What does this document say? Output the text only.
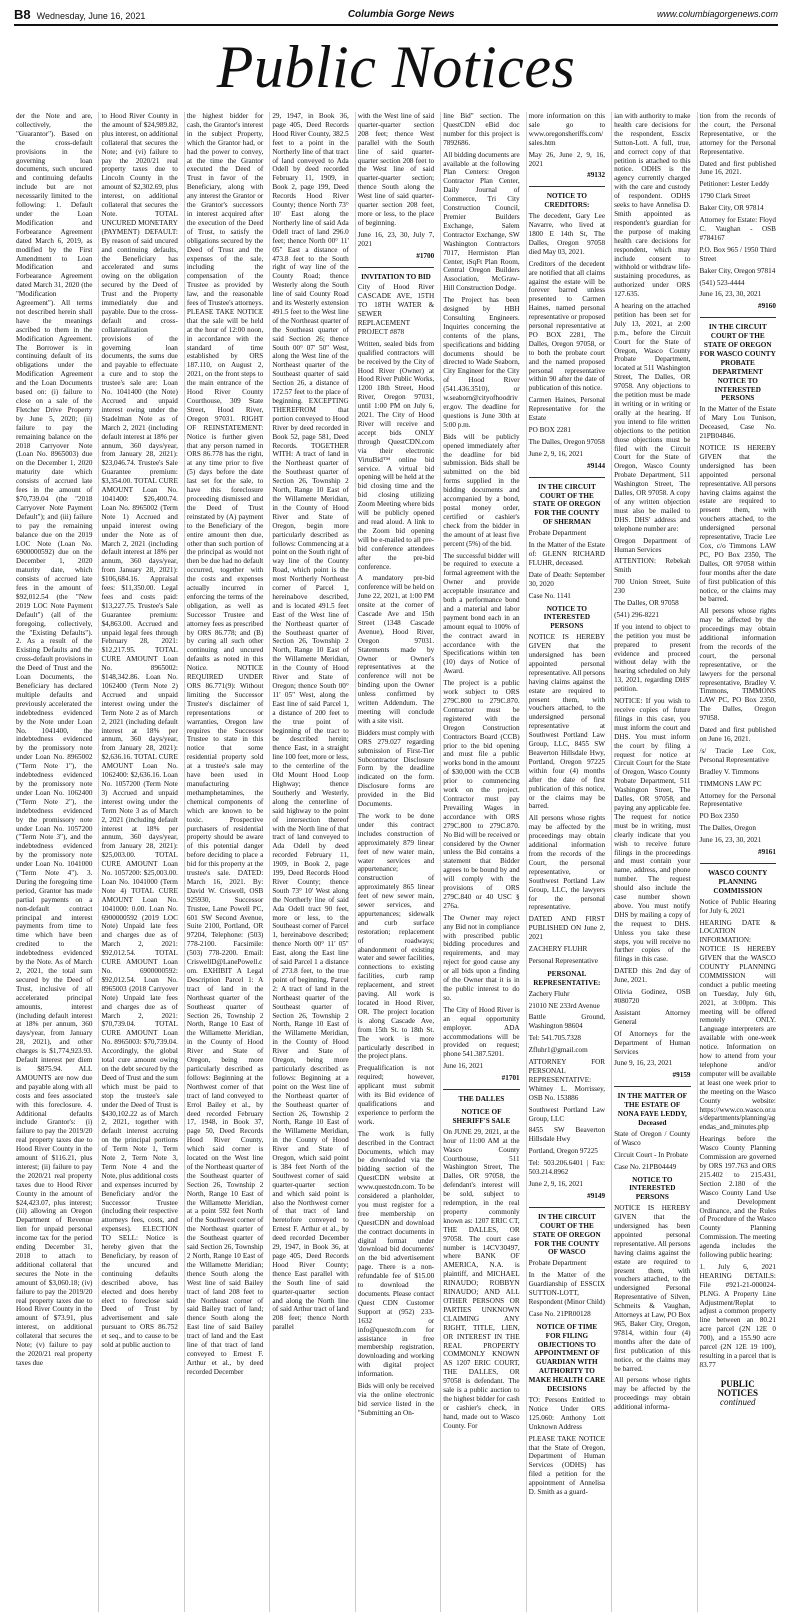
B8 Wednesday, June 16, 2021	Columbia Gorge News	www.columbiagorgenews.com
Public Notices

der the Note and are, collectively, the "Guarantor"). Based on the cross-default provisions in the governing loan documents, such uncured and continuing defaults include but are not necessarily limited to the following: 1. Default under the Loan Modification and Forbearance Agreement dated March 6, 2019, as modified by the First Amendment to Loan Modification and Forbearance Agreement dated March 31, 2020 (the "Modification Agreement"). All terms not described herein shall have the meanings ascribed to them in the Modification Agreement. The Borrower is in continuing default of its obligations under the Modification Agreement and the Loan Documents based on: (i) failure to close on a sale of the Fletcher Drive Property by June 5, 2020; (ii) failure to pay the remaining balance on the 2018 Carryover Note (Loan No. 8965003) due on the December 1, 2020 maturity date which consists of accrued late fees in the amount of $70,739.04 (the "2018 Carryover Note Payment Default"); and (iii) failure to pay the remaining balance due on the 2019 LOC Note (Loan No. 6900000592) due on the December 1, 2020 maturity date, which consists of accrued late fees in the amount of $92,012.54 (the "New 2019 LOC Note Payment Default") (all of the foregoing, collectively, the "Existing Defaults"). 2. As a result of the Existing Defaults and the cross-default provisions in the Deed of Trust and the Loan Documents, the Beneficiary has declared multiple defaults and previously accelerated the indebtedness evidenced by the Note under Loan No. 1041400, the indebtedness evidenced by the promissory note under Loan No. 8965002 ("Term Note 1"), the indebtedness evidenced by the promissory note under Loan No. 1062400 ("Term Note 2"), the indebtedness evidenced by the promissory note under Loan No. 1057200 ("Term Note 3"), and the indebtedness evidenced by the promissory note under Loan No. 1041000 ("Term Note 4"). 3. During the foregoing time period, Grantor has made partial payments on a non-default contract principal and interest payments from time to time which have been credited to the indebtedness evidenced by the Note. As of March 2, 2021, the total sum secured by the Deed of Trust, inclusive of all accelerated principal amounts, interest (including default interest at 18% per annum, 360 days/year, from January 28, 2021), and other charges is $1,774,923.93. Default interest per diem is $875.94. ALL AMOUNTS are now due and payable along with all costs and fees associated with this foreclosure. 4. Additional defaults include Grantor's: (i) failure to pay the 2019/20 real property taxes due to Hood River County in the amount of $116.21, plus interest; (ii) failure to pay the 2020/21 real property taxes due to Hood River County in the amount of $24,423.07, plus interest; (iii) allowing an Oregon Department of Revenue lien for unpaid personal income tax for the period ending December 31, 2018 to attach to additional collateral that secures the Note in the amount of $3,060.18; (iv) failure to pay the 2019/20 real property taxes due to Hood River County in the amount of $73.91, plus interest, on additional collateral that secures the Note; (v) failure to pay the 2020/21 real property taxes due

to Hood River County in the amount of $24,989.82, plus interest, on additional collateral that secures the Note; and (vi) failure to pay the 2020/21 real property taxes due to Lincoln County in the amount of $2,302.69, plus interest, on additional collateral that secures the Note. TOTAL UNCURED MONETARY (PAYMENT) DEFAULT: By reason of said uncured and continuing defaults, the Beneficiary has accelerated and sums owing on the obligation secured by the Deed of Trust and the Property immediately due and payable. Due to the cross-default and cross-collateralization provisions of the governing loan documents, the sums due and payable to effectuate a cure and to stop the trustee's sale are: Loan No. 1041400 (the Note) Accrued and unpaid interest owing under the Stadelman Note as of March 2, 2021 (including default interest at 18% per annum, 360 days/year, from January 28, 2021): $23,046.74. Trustee's Sale Guarantee premium: $3,354.00. TOTAL CURE AMOUNT Loan No. 1041400: $26,400.74. Loan No. 8965002 (Term Note 1) Accrued and unpaid interest owing under the Note as of March 2, 2021 (including default interest at 18% per annum, 360 days/year, from January 28, 2021): $106,684.16. Appraisal fees: $11,350.00. Legal fees and costs paid: $13,227.75. Trustee's Sale Guarantee premium: $4,863.00. Accrued and unpaid legal fees through February 28, 2021: $12,217.95. TOTAL CURE AMOUNT Loan No. 8965002: $148,342.86. Loan No. 1062400 (Term Note 2) Accrued and unpaid interest owing under the Term Note 2 as of March 2, 2021 (including default interest at 18% per annum, 360 days/year, from January 28, 2021): $2,636.16. TOTAL CURE AMOUNT Loan No. 1062400: $2,636.16. Loan No. 1057200 (Term Note 3) Accrued and unpaid interest owing under the Term Note 3 as of March 2, 2021 (including default interest at 18% per annum, 360 days/year, from January 28, 2021): $25,003.00. TOTAL CURE AMOUNT Loan No. 1057200: $25,003.00. Loan No. 1041000 (Term Note 4) TOTAL CURE AMOUNT Loan No. 1041000: 0.00. Loan No. 6900000592 (2019 LOC Note) Unpaid late fees and charges due as of March 2, 2021: $92,012.54. TOTAL CURE AMOUNT Loan No. 6900000592: $92,012.54. Loan No. 8965003 (2018 Carryover Note) Unpaid late fees and charges due as of March 2, 2021: $70,739.04. TOTAL CURE AMOUNT Loan No. 8965003: $70,739.04. Accordingly, the global total cure amount owing on the debt secured by the Deed of Trust and the sum which must be paid to stop the trustee's sale under the Deed of Trust is $430,102.22 as of March 2, 2021, together with default interest accruing on the principal portions of Term Note 1, Term Note 2, Term Note 3, Term Note 4 and the Note, plus additional costs and expenses incurred by Beneficiary and/or the Successor Trustee (including their respective attorneys fees, costs, and expenses). ELECTION TO SELL: Notice is hereby given that the Beneficiary, by reason of the uncured and continuing defaults described above, has elected and does hereby elect to foreclose said Deed of Trust by advertisement and sale pursuant to ORS 86.752 et seq., and to cause to be sold at public auction to

the highest bidder for cash, the Grantor's interest in the subject Property, which the Grantor had, or had the power to convey, at the time the Grantor executed the Deed of Trust in favor of the Beneficiary, along with any interest the Grantor or the Grantor's successors in interest acquired after the execution of the Deed of Trust, to satisfy the obligations secured by the Deed of Trust and the expenses of the sale, including the compensation of the Trustee as provided by law, and the reasonable fees of Trustee's attorneys. PLEASE TAKE NOTICE that the sale will be held at the hour of 12:00 noon, in accordance with the standard of time established by ORS 187.110, on August 2, 2021, on the front steps to the main entrance of the Hood River County Courthouse, 309 State Street, Hood River, Oregon 97031. RIGHT OF REINSTATEMENT: Notice is further given that any person named in ORS 86.778 has the right, at any time prior to five (5) days before the date last set for the sale, to have this foreclosure proceeding dismissed and the Deed of Trust reinstated by (A) payment to the Beneficiary of the entire amount then due, other than such portion of the principal as would not then be due had no default occurred, together with the costs and expenses actually incurred in enforcing the terms of the obligation, as well as Successor Trustee and attorney fees as prescribed by ORS 86.778; and (B) by curing all such other continuing and uncured defaults as noted in this Notice. NOTICE REQUIRED UNDER ORS 86.771(9): Without limiting the Successor Trustee's disclaimer of representations or warranties, Oregon law requires the Successor Trustee to state in this notice that some residential property sold at a trustee's sale may have been used in manufacturing methamphetamines, the chemical components of which are known to be toxic. Prospective purchasers of residential property should be aware of this potential danger before deciding to place a bid for this property at the trustee's sale. DATED: March 16, 2021. By: David W. Criswell, OSB 925930, Successor Trustee, Lane Powell PC, 601 SW Second Avenue, Suite 2100, Portland, OR 97204, Telephone: (503) 778-2100. Facsimile: (503) 778-2200. Email: CriswellD@LanePowell.com. EXHIBIT A Legal Description Parcel 1: A tract of land in the Northeast quarter of the Southeast quarter of Section 26, Township 2 North, Range 10 East of the Willamette Meridian, in the County of Hood River and State of Oregon, being more particularly described as follows: Beginning at the Northwest corner of that tract of land conveyed to Errol Bailey et al., by deed recorded February 17, 1948, in Book 37, page 50, Deed Records Hood River County, which said corner is located on the West line of the Northeast quarter of the Southeast quarter of Section 26, Township 2 North, Range 10 East of the Willamette Meridian, at a point 592 feet North of the Southwest corner of the Northeast quarter of the Southeast quarter of said Section 26, Township 2 North, Range 10 East of the Willamette Meridian; thence South along the West line of said Bailey tract of land 208 feet to the Northeast corner of said Bailey tract of land; thence South along the East line of said Bailey tract of land and the East line of that tract of land conveyed to Ernest F. Arthur et al., by deed recorded December

29, 1947, in Book 36, page 405, Deed Records Hood River County, 382.5 feet to a point in the Northerly line of that tract of land conveyed to Ada Odell by deed recorded February 11, 1909, in Book 2, page 199, Deed Records Hood River County; thence North 73° 10' East along the Northerly line of said Ada Odell tract of land 296.0 feet; thence North 00° 11' 05" East a distance of 473.8 feet to the South right of way line of the County Road; thence Westerly along the South line of said County Road and its Westerly extension 491.5 feet to the West line of the Northeast quarter of the Southeast quarter of said Section 26; thence South 00° 07' 50" West, along the West line of the Northeast quarter of the Southeast quarter of said Section 26, a distance of 172.57 feet to the place of beginning. EXCEPTING THEREFROM that portion conveyed to Hood River by deed recorded in Book 52, page 581, Deed Records. TOGETHER WITH: A tract of land in the Northeast quarter of the Southeast quarter of Section 26, Township 2 North, Range 10 East of the Willamette Meridian, in the County of Hood River and State of Oregon, begin more particularly described as follows: Commencing at a point on the South right of way line of the County Road, which point is the most Northerly Northeast corner of Parcel 1, hereinabove described, and is located 491.5 feet East of the West line of the Northeast quarter of the Southeast quarter of Section 26, Township 2 North, Range 10 East of the Willamette Meridian, in the County of Hood River and State of Oregon; thence South 00° 11' 05" West, along the East line of said Parcel 1, a distance of 200 feet to the true point of beginning of the tract to be described herein; thence East, in a straight line 100 feet, more or less, to the centerline of the Old Mount Hood Loop Highway; thence Southerly and Westerly, along the centerline of said highway to the point of intersection thereof with the North line of that tract of land conveyed to Ada Odell by deed recorded February 11, 1909, in Book 2, page 199, Deed Records Hood River County; thence South 73° 10' West along the Northerly line of said Ada Odell tract 90 feet, more or less, to the Southeast corner of Parcel 1, hereinabove described; thence North 00° 11' 05" East, along the East line of said Parcel 1 a distance of 273.8 feet, to the true point of beginning. Parcel 2: A tract of land in the Northeast quarter of the Southeast quarter of Section 26, Township 2 North, Range 10 East of the Willamette Meridian, in the County of Hood River and State of Oregon, being more particularly described as follows: Beginning at a point on the West line of the Northeast quarter of the Southeast quarter of Section 26, Township 2 North, Range 10 East of the Willamette Meridian, in the County of Hood River and State of Oregon, which said point is 384 feet North of the Southwest corner of said quarter-quarter section and which said point is also the Northwest corner of that tract of land heretofore conveyed to Ernest F. Arthur et al., by deed recorded December 29, 1947, in Book 36, at page 405, Deed Records Hood River County; thence East parallel with the South line of said quarter-quarter section and along the North line of said Arthur tract of land 208 feet; thence North parallel

with the West line of said quarter-quarter section 208 feet; thence West parallel with the South line of said quarter-quarter section 208 feet to the West line of said quarter-quarter section; thence South along the West line of said quarter-quarter section 208 feet, more or less, to the place of beginning.

June 16, 23, 30, July 7, 2021

#1700

INVITATION TO BID

City of Hood River CASCADE AVE, 15TH TO 18TH WATER & SEWER REPLACEMENT PROJECT #878

Written, sealed bids from qualified contractors will be received by the City of Hood River (Owner) at Hood River Public Works, 1200 18th Street, Hood River, Oregon 97031, until 1:00 PM on July 6, 2021. The City of Hood River will receive and accept bids ONLY through QuestCDN.com via their electronic VirtuBid™ online bid service. A virtual bid opening will be held at the bid closing time and the bid closing utilizing Zoom Meeting where bids will be publicly opened and read aloud. A link to the Zoom bid opening will be e-mailed to all pre-bid conference attendees after the pre-bid conference.

A mandatory pre-bid conference will be held on June 22, 2021, at 1:00 PM onsite at the corner of Cascade Ave and 15th Street (1348 Cascade Avenue), Hood River, Oregon 97031. Statements made by Owner or Owner's representatives at the conference will not be binding upon the Owner unless confirmed by written Addendum. The meeting will conclude with a site visit.

Bidders must comply with ORS 279.027 regarding submission of First-Tier Subcontractor Disclosure Form by the deadline indicated on the form. Disclosure forms are provided in the Bid Documents.

The work to be done under this contract includes construction of approximately 879 linear feet of new water main, water services and appurtenance; construction of approximately 865 linear feet of new sewer main, sewer services, and appurtenances; sidewalk and curb surface restoration; replacement of roadways; abandonment of existing water and sewer facilities, connections to existing facilities, curb ramp replacement, and street paving. All work is located in Hood River, OR. The project location is along Cascade Ave, from 15th St. to 18th St. The work is more particularly described in the project plans.

Prequalification is not required; however, applicant must submit with its Bid evidence of qualifications and experience to perform the work.

The work is fully described in the Contract Documents, which may be downloaded via the bidding section of the QuestCDN website at www.questcdn.com. To be considered a planholder, you must register for a free membership on QuestCDN and download the contract documents in digital format under 'download bid documents' on the bid advertisement page. There is a non-refundable fee of $15.00 to download the documents. Please contact Quest CDN Customer Support at (952) 233-1632 or info@questcdn.com for assistance in free membership registration, downloading and working with digital project information.

Bids will only be received via the online electronic bid service listed in the "Submitting an On-

line Bid" section. The QuestCDN eBid doc number for this project is 7892686.

All bidding documents are available at the following Plan Centers: Oregon Contractor Plan Center, Daily Journal of Commerce, Tri City Construction Council, Premier Builders Exchange, Salem Contractor Exchange, SW Washington Contractors 7017, Hermiston Plan Center, iSqFt Plan Room, Central Oregon Builders Association, McGraw-Hill Construction Dodge.

The Project has been designed by HBH Consulting Engineers. Inquiries concerning the contents of the plans, specifications and bidding documents should be directed to Wade Seaborn, City Engineer for the City of Hood River (541.436.3510), or w.seaborn@cityofhoodriver.gov. The deadline for questions is June 30th at 5:00 p.m.

Bids will be publicly opened immediately after the deadline for bid submission. Bids shall be submitted on the bid forms supplied in the bidding documents and accompanied by a bond, postal money order, certified or cashier's check from the bidder in the amount of at least five percent (5%) of the bid.

The successful bidder will be required to execute a formal agreement with the Owner and provide acceptable insurance and both a performance bond and a material and labor payment bond each in an amount equal to 100% of the contract award in accordance with the Specifications within ten (10) days of Notice of Award.

The project is a public work subject to ORS 279C.800 to 279C.870. Contractor must be registered with the Oregon Construction Contractors Board (CCB) prior to the bid opening and must file a public works bond in the amount of $30,000 with the CCB prior to commencing work on the project. Contractor must pay Prevailing Wages in accordance with ORS 279C.800 to 279C.870. No Bid will be received or considered by the Owner unless the Bid contains a statement that Bidder agrees to be bound by and will comply with the provisions of ORS 279C.840 or 40 USC § 276a.

The Owner may reject any Bid not in compliance with prescribed public bidding procedures and requirements, and may reject for good cause any or all bids upon a finding of the Owner that it is in the public interest to do so.

The City of Hood River is an equal opportunity employer. ADA accommodations will be provided on request; phone 541.387.5201.

June 16, 2021

#1701

THE DALLES

NOTICE OF SHERIFF'S SALE

On JUNE 29, 2021, at the hour of 11:00 AM at the Wasco County Courthouse, 511 Washington Street, The Dalles, OR 97058, the defendant's interest will be sold, subject to redemption, in the real property commonly known as: 1207 ERIC CT, THE DALLES, OR 97058. The court case number is 14CV30497, where BANK OF AMERICA, N.A. is plaintiff, and MICHAEL RINAUDO; ROBBYN RINAUDO; AND ALL OTHER PERSONS OR PARTIES UNKNOWN CLAIMING ANY RIGHT, TITLE, LIEN, OR INTEREST IN THE REAL PROPERTY COMMONLY KNOWN AS 1207 ERIC COURT, THE DALLES, OR 97058 is defendant. The sale is a public auction to the highest bidder for cash or cashier's check, in hand, made out to Wasco County. For

more information on this sale go to www.oregonsheriffs.com/sales.htm

May 26, June 2, 9, 16, 2021

#9132

NOTICE TO CREDITORS:

The decedent, Gary Lee Navarre, who lived at 1800 E 14th St, The Dalles, Oregon 97058 died May 03, 2021.

Creditors of the decedent are notified that all claims against the estate will be forever barred unless presented to Carmen Haines, named personal representative or proposed personal representative at PO BOX 2281, The Dalles, Oregon 97058, or to both the probate court and the named proposed personal representative within 90 after the date of publication of this notice.

Carmen Haines, Personal Representative for the Estate

PO BOX 2281

The Dalles, Oregon 97058

June 2, 9, 16, 2021

#9144

IN THE CIRCUIT COURT OF THE STATE OF OREGON FOR THE COUNTY OF SHERMAN

Probate Department

In the Matter of the Estate of: GLENN RICHARD FLUHR, deceased.

Date of Death: September 30, 2020

Case No. 1141

NOTICE TO INTERESTED PERSONS

NOTICE IS HEREBY GIVEN that the undersigned has been appointed personal representative. All persons having claims against the estate are required to present them, with vouchers attached, to the undersigned personal representative at Southwest Portland Law Group, LLC, 8455 SW Beaverton Hillsdale Hwy, Portland, Oregon 97225 within four (4) months after the date of first publication of this notice, or the claims may be barred.

All persons whose rights may be affected by the proceedings may obtain additional information from the records of the Court, the personal representative, or Southwest Portland Law Group, LLC, the lawyers for the personal representative.

DATED AND FIRST PUBLISHED ON June 2, 2021

ZACHERY FLUHR

Personal Representative

PERSONAL REPRESENTATIVE:

Zachery Fluhr

21010 NE 233rd Avenue

Battle Ground, Washington 98604

Tel: 541.705.7328

Zfluhr1@gmail.com

ATTORNEY FOR PERSONAL REPRESENTATIVE: Whitney L. Morrissey, OSB No. 153886

Southwest Portland Law Group, LLC

8455 SW Beaverton Hillsdale Hwy

Portland, Oregon 97225

Tel: 503.206.6401 | Fax: 503.214.8962

June 2, 9, 16, 2021

#9149

IN THE CIRCUIT COURT OF THE STATE OF OREGON FOR THE COUNTY OF WASCO

Probate Department

In the Matter of the Guardianship of ESSCIX SUTTON-LOTT, Respondent (Minor Child)

Case No. 21PR00128

NOTICE OF TIME FOR FILING OBJECTIONS TO APPOINTMENT OF GUARDIAN WITH AUTHORITY TO MAKE HEALTH CARE DECISIONS

TO: Persons Entitled to Notice Under ORS 125.060: Anthony Lott Unknown Address

PLEASE TAKE NOTICE that the State of Oregon, Department of Human Services (ODHS) has filed a petition for the appointment of Annelisa D. Smith as a guard-

ian with authority to make health care decisions for the respondent, Esscix Sutton-Lott. A full, true, and correct copy of that petition is attached to this notice. ODHS is the agency currently charged with the care and custody of respondent. ODHS seeks to have Annelisa D. Smith appointed as respondent's guardian for the purpose of making health care decisions for respondent, which may include consent to withhold or withdraw life-sustaining procedures, as authorized under ORS 127.635.

A hearing on the attached petition has been set for July 13, 2021, at 2:00 p.m., before the Circuit Court for the State of Oregon, Wasco County Probate Department, located at 511 Washington Street, The Dalles, OR 97058. Any objections to the petition must be made in writing or in writing or orally at the hearing. If you intend to file written objections to the petition those objections must be filed with the Circuit Court for the State of Oregon, Wasco County Probate Department, 511 Washington Street, The Dalles, OR 97058. A copy of any written objection must also be mailed to DHS. DHS' address and telephone number are:

Oregon Department of Human Services

ATTENTION: Rebekah Smith

700 Union Street, Suite 230

The Dalles, OR 97058

(541) 296-8221

If you intend to object to the petition you must be prepared to present evidence and proceed without delay with the hearing scheduled on July 13, 2021, regarding DHS' petition.

NOTICE: If you wish to receive copies of future filings in this case, you must inform the court and DHS. You must inform the court by filing a request for notice at Circuit Court for the State of Oregon, Wasco County Probate Department, 511 Washington Street, The Dalles, OR 97058, and paying any applicable fee. The request for notice must be in writing, must clearly indicate that you wish to receive future filings in the proceedings and must contain your name, address, and phone number. The request should also include the case number shown above. You must notify DHS by mailing a copy of the request to DHS. Unless you take these steps, you will receive no further copies of the filings in this case.

DATED this 2nd day of June, 2021.

Olivia Godinez, OSB #080720

Assistant Attorney General

Of Attorneys for the Department of Human Services

June 9, 16, 23, 2021

#9159

IN THE MATTER OF THE ESTATE OF NONA FAYE LEDDY, Deceased

State of Oregon / County of Wasco

Circuit Court - In Probate

Case No. 21PB04449

NOTICE TO INTERESTED PERSONS

NOTICE IS HEREBY GIVEN that the undersigned has been appointed personal representative. All persons having claims against the estate are required to present them, with vouchers attached, to the undersigned Personal Representative of Silven, Schmeits & Vaughan, Attorneys at Law, PO Box 965, Baker City, Oregon, 97814, within four (4) months after the date of first publication of this notice, or the claims may be barred.

All persons whose rights may be affected by the proceedings may obtain additional informa-

tion from the records of the court, the Personal Representative, or the attorney for the Personal Representative.

Dated and first published June 16, 2021.

Petitioner: Lester Leddy

1790 Clark Street

Baker City, OR 97814

Attorney for Estate: Floyd C. Vaughan - OSB #784167

P.O. Box 965 / 1950 Third Street

Baker City, Oregon 97814

(541) 523-4444

June 16, 23, 30, 2021

#9160

IN THE CIRCUIT COURT OF THE STATE OF OREGON FOR WASCO COUNTY PROBATE DEPARTMENT NOTICE TO INTERESTED PERSONS

In the Matter of the Estate of Mary Lou Tunison, Deceased, Case No. 21PB04846.

NOTICE IS HEREBY GIVEN that the undersigned has been appointed personal representative. All persons having claims against the estate are required to present them, with vouchers attached, to the undersigned personal representative, Tracie Lee Cox, c/o Timmons LAW PC, PO Box 2350, The Dalles, OR 97058 within four months after the date of first publication of this notice, or the claims may be barred.

All persons whose rights may be affected by the proceedings may obtain additional information from the records of the court, the personal representative, or the lawyers for the personal representative, Bradley V. Timmons, TIMMONS LAW PC, PO Box 2350, The Dalles, Oregon 97058.

Dated and first published on June 16, 2021.

/s/ Tracie Lee Cox, Personal Representative

Bradley V. Timmons

TIMMONS LAW PC

Attorney for the Personal Representative

PO Box 2350

The Dalles, Oregon

June 16, 23, 30, 2021

#9161

WASCO COUNTY PLANNING COMMISSION

Notice of Public Hearing for July 6, 2021

HEARING DATE & LOCATION INFORMATION: NOTICE IS HEREBY GIVEN that the WASCO COUNTY PLANNING COMMISSION will conduct a public meeting on Tuesday, July 6th, 2021, at 3:00pm. This meeting will be offered remotely ONLY. Language interpreters are available with one-week notice. Information on how to attend from your telephone and/or computer will be available at least one week prior to the meeting on the Wasco County website: https://www.co.wasco.or.us/departments/planning/agendas_and_minutes.php

Hearings before the Wasco County Planning Commission are governed by ORS 197.763 and ORS 215.402 to 215.431, Section 2.180 of the Wasco County Land Use and Development Ordinance, and the Rules of Procedure of the Wasco County Planning Commission. The meeting agenda includes the following public hearing:

1. July 6, 2021 HEARING DETAILS: File #921-21-000024-PLNG. A Property Line Adjustment/Replat to adjust a common property line between an 80.21 acre parcel (2N 12E 0 700), and a 155.90 acre parcel (2N 12E 19 100), resulting in a parcel that is 83.77

PUBLIC NOTICES
continued
